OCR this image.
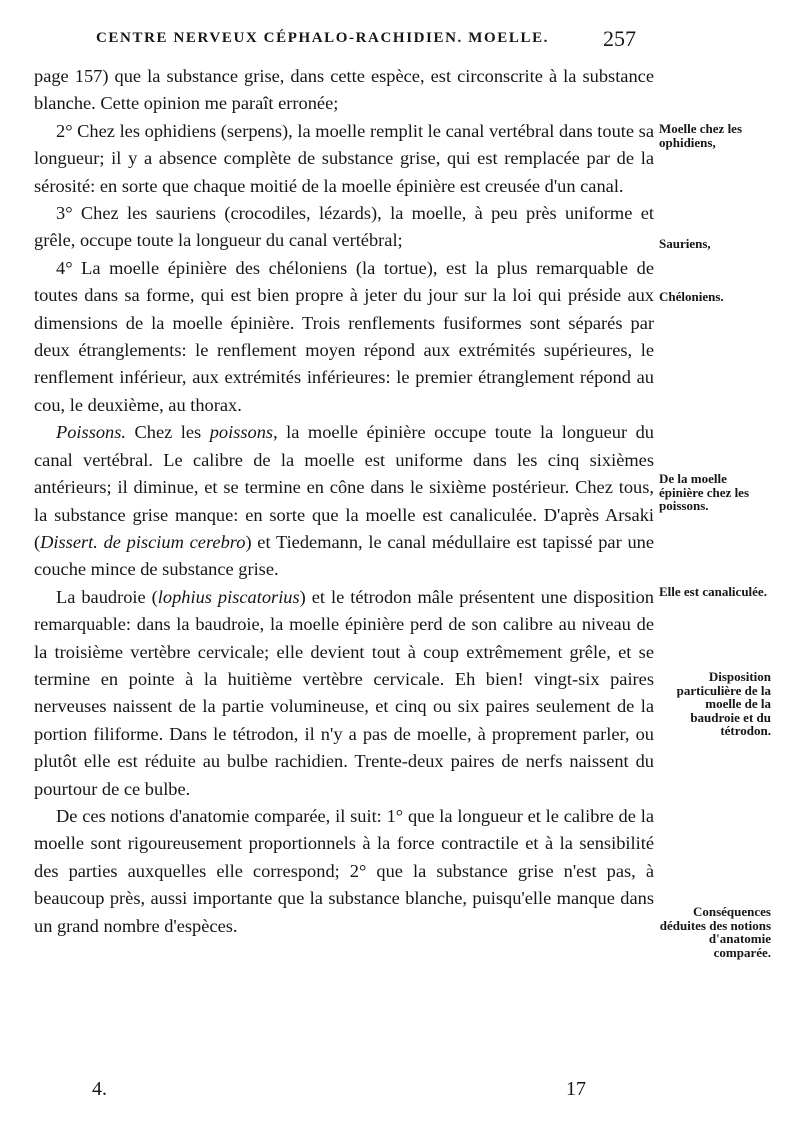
CENTRE NERVEUX CÉPHALO-RACHIDIEN. MOELLE. 257

page 157) que la substance grise, dans cette espèce, est circonscrite à la substance blanche. Cette opinion me paraît erronée;

2° Chez les ophidiens (serpens), la moelle remplit le canal vertébral dans toute sa longueur; il y a absence complète de substance grise, qui est remplacée par de la sérosité: en sorte que chaque moitié de la moelle épinière est creusée d'un canal.

3° Chez les sauriens (crocodiles, lézards), la moelle, à peu près uniforme et grêle, occupe toute la longueur du canal vertébral;

4° La moelle épinière des chéloniens (la tortue), est la plus remarquable de toutes dans sa forme, qui est bien propre à jeter du jour sur la loi qui préside aux dimensions de la moelle épinière. Trois renflements fusiformes sont séparés par deux étranglements: le renflement moyen répond aux extrémités supérieures, le renflement inférieur, aux extrémités inférieures: le premier étranglement répond au cou, le deuxième, au thorax.

Poissons. Chez les poissons, la moelle épinière occupe toute la longueur du canal vertébral. Le calibre de la moelle est uniforme dans les cinq sixièmes antérieurs; il diminue, et se termine en cône dans le sixième postérieur. Chez tous, la substance grise manque: en sorte que la moelle est canaliculée. D'après Arsaki (Dissert. de piscium cerebro) et Tiedemann, le canal médullaire est tapissé par une couche mince de substance grise.

La baudroie (lophius piscatorius) et le tétrodon mâle présentent une disposition remarquable: dans la baudroie, la moelle épinière perd de son calibre au niveau de la troisième vertèbre cervicale; elle devient tout à coup extrêmement grêle, et se termine en pointe à la huitième vertèbre cervicale. Eh bien! vingt-six paires nerveuses naissent de la partie volumineuse, et cinq ou six paires seulement de la portion filiforme. Dans le tétrodon, il n'y a pas de moelle, à proprement parler, ou plutôt elle est réduite au bulbe rachidien. Trente-deux paires de nerfs naissent du pourtour de ce bulbe.

De ces notions d'anatomie comparée, il suit: 1° que la longueur et le calibre de la moelle sont rigoureusement proportionnels à la force contractile et à la sensibilité des parties auxquelles elle correspond; 2° que la substance grise n'est pas, à beaucoup près, aussi importante que la substance blanche, puisqu'elle manque dans un grand nombre d'espèces.

Moelle chez les ophidiens,
Sauriens,
Chéloniens.
De la moelle épinière chez les poissons.
Elle est canaliculée.
Disposition particulière de la moelle de la baudroie et du tétrodon.
Conséquences déduites des notions d'anatomie comparée.
4.	17
